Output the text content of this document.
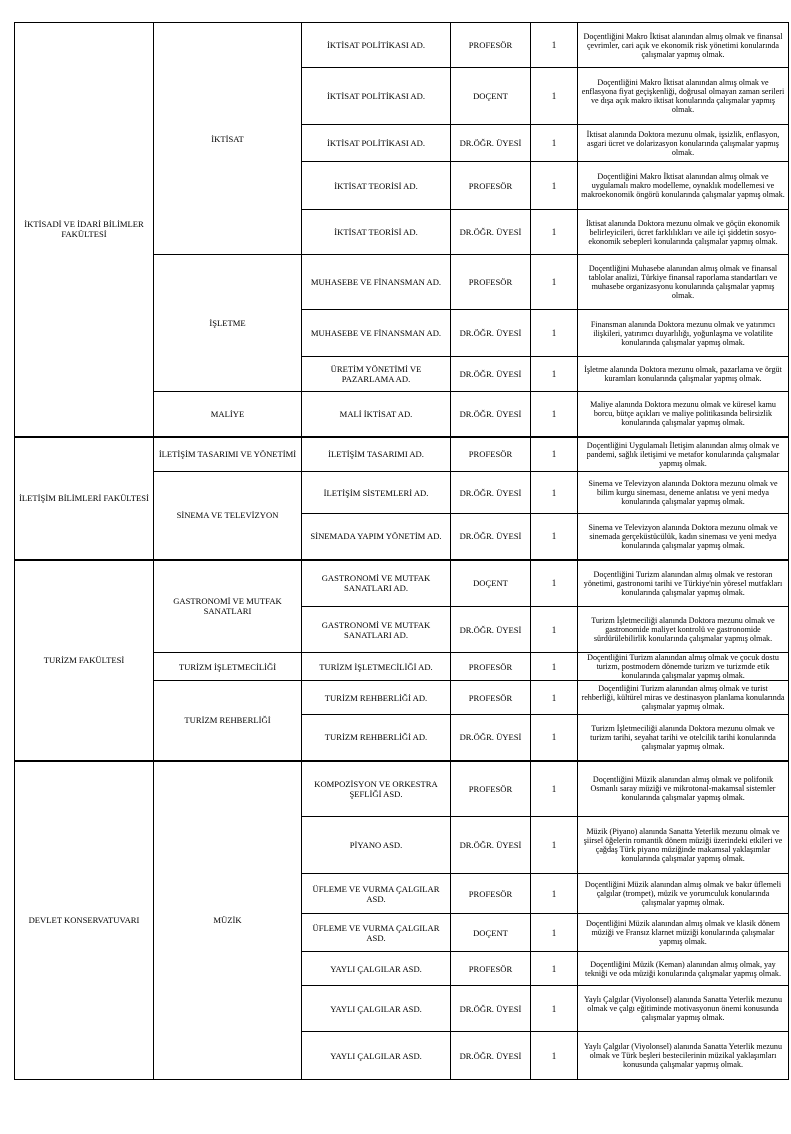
İKTİSADİ VE İDARİ BİLİMLER FAKÜLTESİ	İKTİSAT	İKTİSAT POLİTİKASI AD.	PROFESÖR	1	Doçentliğini Makro İktisat alanından almış olmak ve finansal çevrimler, cari açık ve ekonomik risk yönetimi konularında çalışmalar yapmış olmak.
		İKTİSAT POLİTİKASI AD.	DOÇENT	1	Doçentliğini Makro İktisat alanından almış olmak ve enflasyona fiyat geçişkenliği, doğrusal olmayan zaman serileri ve dışa açık makro iktisat konularında çalışmalar yapmış olmak.
		İKTİSAT POLİTİKASI AD.	DR.ÖĞR. ÜYESİ	1	İktisat alanında Doktora mezunu olmak, işsizlik, enflasyon, asgari ücret ve dolarizasyon konularında çalışmalar yapmış olmak.
		İKTİSAT TEORİSİ AD.	PROFESÖR	1	Doçentliğini Makro İktisat alanından almış olmak ve uygulamalı makro modelleme, oynaklık modellemesi ve makroekonomik öngörü konularında çalışmalar yapmış olmak.
		İKTİSAT TEORİSİ AD.	DR.ÖĞR. ÜYESİ	1	İktisat alanında Doktora mezunu olmak ve göçün ekonomik belirleyicileri, ücret farklılıkları ve aile içi şiddetin sosyo-ekonomik sebepleri konularında çalışmalar yapmış olmak.
	İŞLETME	MUHASEBE VE FİNANSMAN AD.	PROFESÖR	1	Doçentliğini Muhasebe alanından almış olmak ve finansal tablolar analizi, Türkiye finansal raporlama standartları ve muhasebe organizasyonu konularında çalışmalar yapmış olmak.
		MUHASEBE VE FİNANSMAN AD.	DR.ÖĞR. ÜYESİ	1	Finansman alanında Doktora mezunu olmak ve yatırımcı ilişkileri, yatırımcı duyarlılığı, yoğunlaşma ve volatilite konularında çalışmalar yapmış olmak.
		ÜRETİM YÖNETİMİ VE PAZARLAMA AD.	DR.ÖĞR. ÜYESİ	1	İşletme alanında Doktora mezunu olmak, pazarlama ve örgüt kuramları konularında çalışmalar yapmış olmak.
	MALİYE	MALİ İKTİSAT AD.	DR.ÖĞR. ÜYESİ	1	Maliye alanında Doktora mezunu olmak ve küresel kamu borcu, bütçe açıkları ve maliye politikasında belirsizlik konularında çalışmalar yapmış olmak.
İLETİŞİM BİLİMLERİ FAKÜLTESİ	İLETİŞİM TASARIMI VE YÖNETİMİ	İLETİŞİM TASARIMI AD.	PROFESÖR	1	Doçentliğini Uygulamalı İletişim alanından almış olmak ve pandemi, sağlık iletişimi ve metafor konularında çalışmalar yapmış olmak.
	SİNEMA VE TELEVİZYON	İLETİŞİM SİSTEMLERİ AD.	DR.ÖĞR. ÜYESİ	1	Sinema ve Televizyon alanında Doktora mezunu olmak ve bilim kurgu sineması, deneme anlatısı ve yeni medya konularında çalışmalar yapmış olmak.
		SİNEMADA YAPIM YÖNETİM AD.	DR.ÖĞR. ÜYESİ	1	Sinema ve Televizyon alanında Doktora mezunu olmak ve sinemada gerçeküstücülük, kadın sineması ve yeni medya konularında çalışmalar yapmış olmak.
TURİZM FAKÜLTESİ	GASTRONOMİ VE MUTFAK SANATLARI	GASTRONOMİ VE MUTFAK SANATLARI AD.	DOÇENT	1	Doçentliğini Turizm alanından almış olmak ve restoran yönetimi, gastronomi tarihi ve Türkiye'nin yöresel mutfakları konularında çalışmalar yapmış olmak.
		GASTRONOMİ VE MUTFAK SANATLARI AD.	DR.ÖĞR. ÜYESİ	1	Turizm İşletmeciliği alanında Doktora mezunu olmak ve gastronomide maliyet kontrolü ve gastronomide sürdürülebilirlik konularında çalışmalar yapmış olmak.
	TURİZM İŞLETMECİLİĞİ	TURİZM İŞLETMECİLİĞİ AD.	PROFESÖR	1	Doçentliğini Turizm alanından almış olmak ve çocuk dostu turizm, postmodern dönemde turizm ve turizmde etik konularında çalışmalar yapmış olmak.
	TURİZM REHBERLİĞİ	TURİZM REHBERLİĞİ AD.	PROFESÖR	1	Doçentliğini Turizm alanından almış olmak ve turist rehberliği, kültürel miras ve destinasyon planlama konularında çalışmalar yapmış olmak.
		TURİZM REHBERLİĞİ AD.	DR.ÖĞR. ÜYESİ	1	Turizm İşletmeciliği alanında Doktora mezunu olmak ve turizm tarihi, seyahat tarihi ve otelcilik tarihi konularında çalışmalar yapmış olmak.
DEVLET KONSERVATUVARI	MÜZİK	KOMPOZİSYON VE ORKESTRA ŞEFLİĞİ ASD.	PROFESÖR	1	Doçentliğini Müzik alanından almış olmak ve polifonik Osmanlı saray müziği ve mikrotonal-makamsal sistemler konularında çalışmalar yapmış olmak.
		PİYANO ASD.	DR.ÖĞR. ÜYESİ	1	Müzik (Piyano) alanında Sanatta Yeterlik mezunu olmak ve şiirsel öğelerin romantik dönem müziği üzerindeki etkileri ve çağdaş Türk piyano müziğinde makamsal yaklaşımlar konularında çalışmalar yapmış olmak.
		ÜFLEME VE VURMA ÇALGILAR ASD.	PROFESÖR	1	Doçentliğini Müzik alanından almış olmak ve bakır üflemeli çalgılar (trompet), müzik ve yorumculuk konularında çalışmalar yapmış olmak.
		ÜFLEME VE VURMA ÇALGILAR ASD.	DOÇENT	1	Doçentliğini Müzik alanından almış olmak ve klasik dönem müziği ve Fransız klarnet müziği konularında çalışmalar yapmış olmak.
		YAYLI ÇALGILAR ASD.	PROFESÖR	1	Doçentliğini Müzik (Keman) alanından almış olmak, yay tekniği ve oda müziği konularında çalışmalar yapmış olmak.
		YAYLI ÇALGILAR ASD.	DR.ÖĞR. ÜYESİ	1	Yaylı Çalgılar (Viyolonsel) alanında Sanatta Yeterlik mezunu olmak ve çalgı eğitiminde motivasyonun önemi konusunda çalışmalar yapmış olmak.
		YAYLI ÇALGILAR ASD.	DR.ÖĞR. ÜYESİ	1	Yaylı Çalgılar (Viyolonsel) alanında Sanatta Yeterlik mezunu olmak ve Türk beşleri bestecilerinin müzikal yaklaşımları konusunda çalışmalar yapmış olmak.
